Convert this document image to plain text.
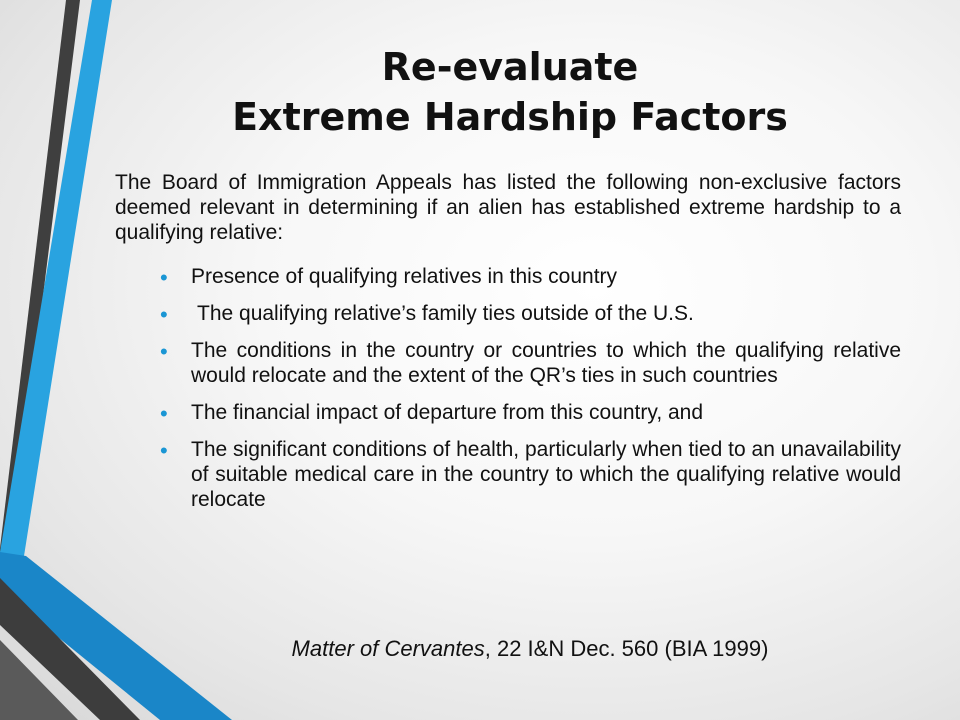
Re-evaluate
Extreme Hardship Factors
The Board of Immigration Appeals has listed the following non-exclusive factors deemed relevant in determining if an alien has established extreme hardship to a qualifying relative:
• Presence of qualifying relatives in this country
• The qualifying relative’s family ties outside of the U.S.
• The conditions in the country or countries to which the qualifying relative would relocate and the extent of the QR’s ties in such countries
• The financial impact of departure from this country, and
• The significant conditions of health, particularly when tied to an unavailability of suitable medical care in the country to which the qualifying relative would relocate
Matter of Cervantes, 22 I&N Dec. 560 (BIA 1999)
